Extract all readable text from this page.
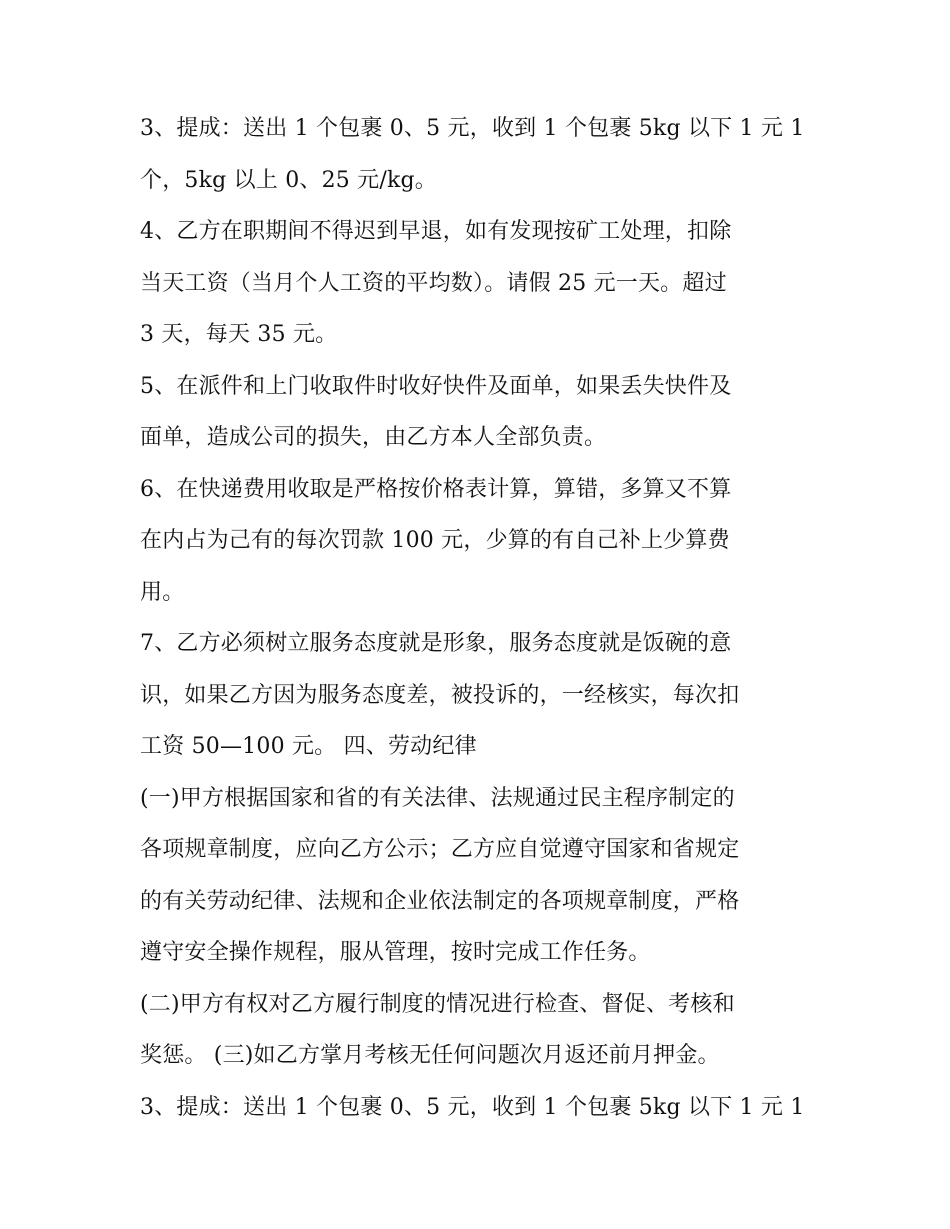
3、提成：送出 1 个包裹 0、5 元，收到 1 个包裹 5kg 以下 1 元 1
个，5kg 以上 0、25 元/kg。
4、乙方在职期间不得迟到早退，如有发现按矿工处理，扣除
当天工资（当月个人工资的平均数）。请假 25 元一天。超过
3 天，每天 35 元。
5、在派件和上门收取件时收好快件及面单，如果丢失快件及
面单，造成公司的损失，由乙方本人全部负责。
6、在快递费用收取是严格按价格表计算，算错，多算又不算
在内占为己有的每次罚款 100 元，少算的有自己补上少算费
用。
7、乙方必须树立服务态度就是形象，服务态度就是饭碗的意
识，如果乙方因为服务态度差，被投诉的，一经核实，每次扣
工资 50—100 元。 四、劳动纪律
(一)甲方根据国家和省的有关法律、法规通过民主程序制定的
各项规章制度，应向乙方公示；乙方应自觉遵守国家和省规定
的有关劳动纪律、法规和企业依法制定的各项规章制度，严格
遵守安全操作规程，服从管理，按时完成工作任务。
(二)甲方有权对乙方履行制度的情况进行检查、督促、考核和
奖惩。 (三)如乙方掌月考核无任何问题次月返还前月押金。
3、提成：送出 1 个包裹 0、5 元，收到 1 个包裹 5kg 以下 1 元 1
